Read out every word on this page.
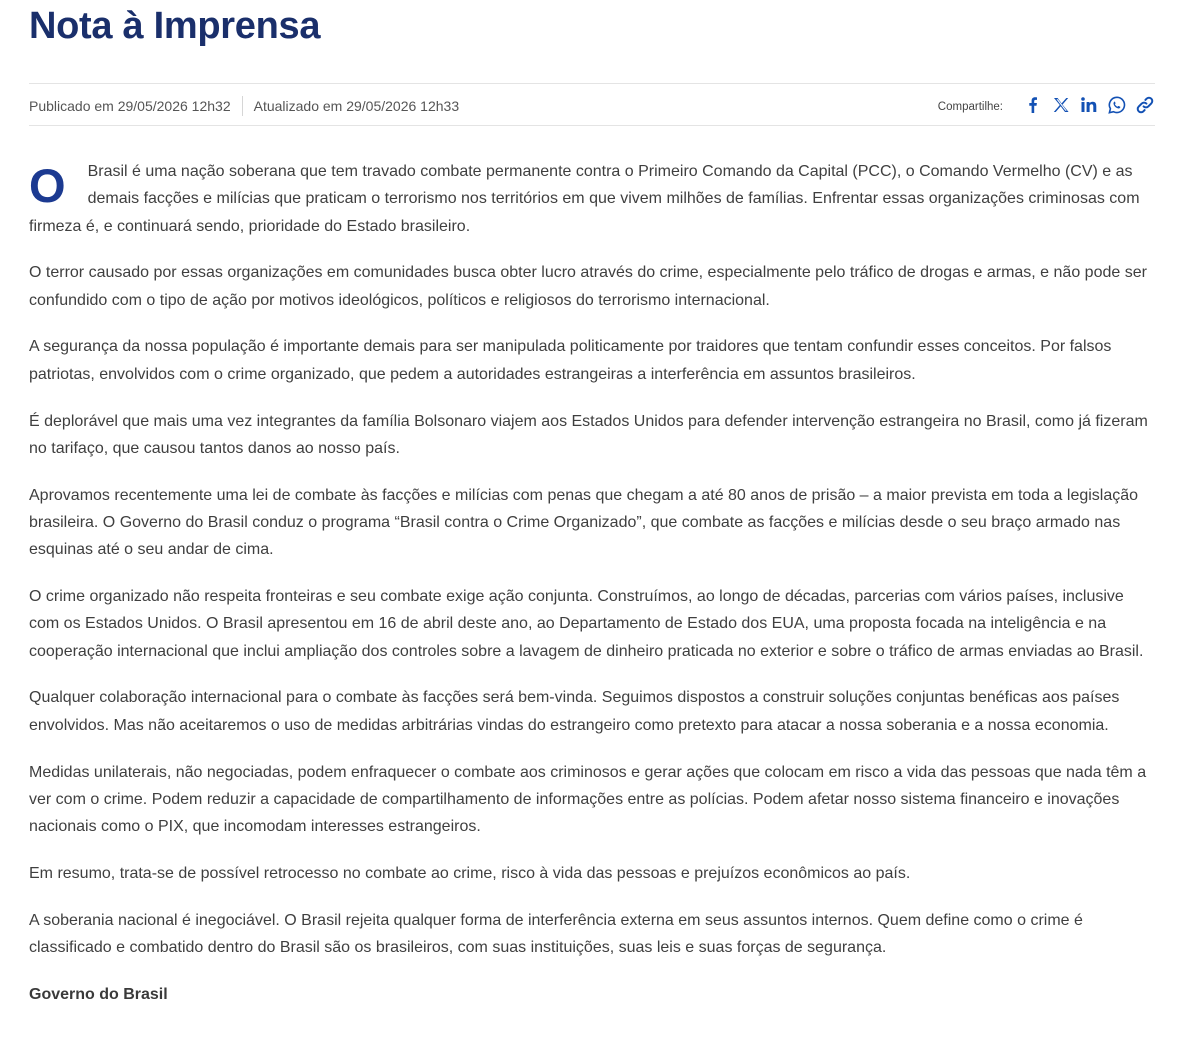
Nota à Imprensa
Publicado em 29/05/2026 12h32 Atualizado em 29/05/2026 12h33	Compartilhe:

O Brasil é uma nação soberana que tem travado combate permanente contra o Primeiro Comando da Capital (PCC), o Comando Vermelho (CV) e as demais facções e milícias que praticam o terrorismo nos territórios em que vivem milhões de famílias. Enfrentar essas organizações criminosas com firmeza é, e continuará sendo, prioridade do Estado brasileiro.

O terror causado por essas organizações em comunidades busca obter lucro através do crime, especialmente pelo tráfico de drogas e armas, e não pode ser confundido com o tipo de ação por motivos ideológicos, políticos e religiosos do terrorismo internacional.

A segurança da nossa população é importante demais para ser manipulada politicamente por traidores que tentam confundir esses conceitos. Por falsos patriotas, envolvidos com o crime organizado, que pedem a autoridades estrangeiras a interferência em assuntos brasileiros.

É deplorável que mais uma vez integrantes da família Bolsonaro viajem aos Estados Unidos para defender intervenção estrangeira no Brasil, como já fizeram no tarifaço, que causou tantos danos ao nosso país.

Aprovamos recentemente uma lei de combate às facções e milícias com penas que chegam a até 80 anos de prisão – a maior prevista em toda a legislação brasileira. O Governo do Brasil conduz o programa “Brasil contra o Crime Organizado”, que combate as facções e milícias desde o seu braço armado nas esquinas até o seu andar de cima.

O crime organizado não respeita fronteiras e seu combate exige ação conjunta. Construímos, ao longo de décadas, parcerias com vários países, inclusive com os Estados Unidos. O Brasil apresentou em 16 de abril deste ano, ao Departamento de Estado dos EUA, uma proposta focada na inteligência e na cooperação internacional que inclui ampliação dos controles sobre a lavagem de dinheiro praticada no exterior e sobre o tráfico de armas enviadas ao Brasil.

Qualquer colaboração internacional para o combate às facções será bem-vinda. Seguimos dispostos a construir soluções conjuntas benéficas aos países envolvidos. Mas não aceitaremos o uso de medidas arbitrárias vindas do estrangeiro como pretexto para atacar a nossa soberania e a nossa economia.

Medidas unilaterais, não negociadas, podem enfraquecer o combate aos criminosos e gerar ações que colocam em risco a vida das pessoas que nada têm a ver com o crime. Podem reduzir a capacidade de compartilhamento de informações entre as polícias. Podem afetar nosso sistema financeiro e inovações nacionais como o PIX, que incomodam interesses estrangeiros.

Em resumo, trata-se de possível retrocesso no combate ao crime, risco à vida das pessoas e prejuízos econômicos ao país.

A soberania nacional é inegociável. O Brasil rejeita qualquer forma de interferência externa em seus assuntos internos. Quem define como o crime é classificado e combatido dentro do Brasil são os brasileiros, com suas instituições, suas leis e suas forças de segurança.

Governo do Brasil
